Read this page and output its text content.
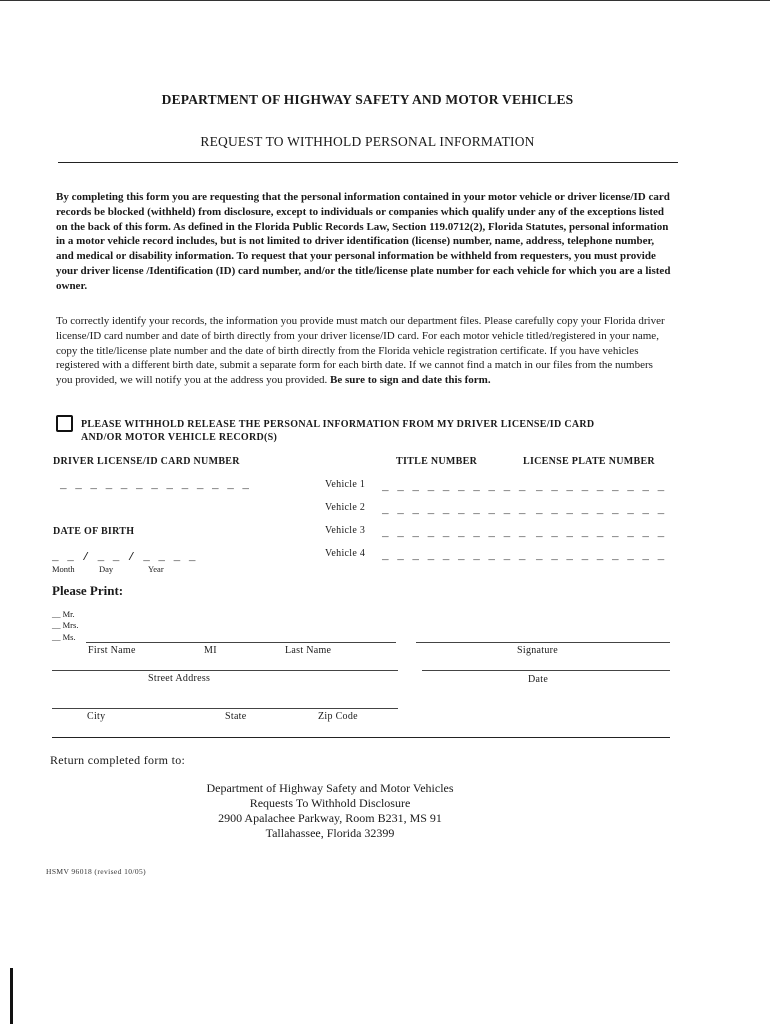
DEPARTMENT OF HIGHWAY SAFETY AND MOTOR VEHICLES
REQUEST TO WITHHOLD PERSONAL INFORMATION
By completing this form you are requesting that the personal information contained in your motor vehicle or driver license/ID card records be blocked (withheld) from disclosure, except to individuals or companies which qualify under any of the exceptions listed on the back of this form. As defined in the Florida Public Records Law, Section 119.0712(2), Florida Statutes, personal information in a motor vehicle record includes, but is not limited to driver identification (license) number, name, address, telephone number, and medical or disability information. To request that your personal information be withheld from requesters, you must provide your driver license /Identification (ID) card number, and/or the title/license plate number for each vehicle for which you are a listed owner.
To correctly identify your records, the information you provide must match our department files. Please carefully copy your Florida driver license/ID card number and date of birth directly from your driver license/ID card. For each motor vehicle titled/registered in your name, copy the title/license plate number and the date of birth directly from the Florida vehicle registration certificate. If you have vehicles registered with a different birth date, submit a separate form for each birth date. If we cannot find a match in our files from the numbers you provided, we will notify you at the address you provided. Be sure to sign and date this form.
PLEASE WITHHOLD RELEASE THE PERSONAL INFORMATION FROM MY DRIVER LICENSE/ID CARD
AND/OR MOTOR VEHICLE RECORD(S)
DRIVER LICENSE/ID CARD NUMBER	TITLE NUMBER	LICENSE PLATE NUMBER
_ _ _ _ _ _ _ _ _ _ _ _ _	Vehicle 1 _ _ _ _ _ _ _ _ _ _ _ _ _ _ _ _ _ _ _
Vehicle 2 _ _ _ _ _ _ _ _ _ _ _ _ _ _ _ _ _ _ _
Vehicle 3 _ _ _ _ _ _ _ _ _ _ _ _ _ _ _ _ _ _ _
Vehicle 4 _ _ _ _ _ _ _ _ _ _ _ _ _ _ _ _ _ _ _
DATE OF BIRTH
_ _ / _ _ / _ _ _ _
Month	Day	Year
Please Print:
__ Mr.
__ Mrs.
__ Ms.
First Name	MI	Last Name	Signature
Street Address	Date
City	State	Zip Code
Return completed form to:
Department of Highway Safety and Motor Vehicles
Requests To Withhold Disclosure
2900 Apalachee Parkway, Room B231, MS 91
Tallahassee, Florida 32399
HSMV 96018 (revised 10/05)
